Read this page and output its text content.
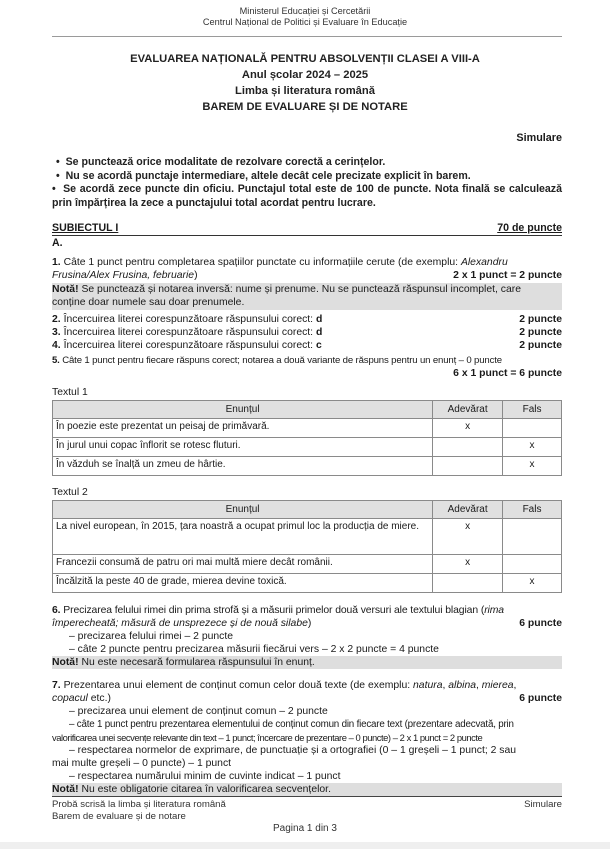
Ministerul Educației și Cercetării
Centrul Național de Politici și Evaluare în Educație
EVALUAREA NAȚIONALĂ PENTRU ABSOLVENȚII CLASEI A VIII-A
Anul școlar 2024 – 2025
Limba și literatura română
BAREM DE EVALUARE ȘI DE NOTARE
Simulare
•  Se punctează orice modalitate de rezolvare corectă a cerințelor.
•  Nu se acordă punctaje intermediare, altele decât cele precizate explicit în barem.
•  Se acordă zece puncte din oficiu. Punctajul total este de 100 de puncte. Nota finală se calculează prin împărțirea la zece a punctajului total acordat pentru lucrare.
SUBIECTUL I	70 de puncte
A.
1. Câte 1 punct pentru completarea spațiilor punctate cu informațiile cerute (de exemplu: Alexandru
Frusina/Alex Frusina, februarie)	2 x 1 punct = 2 puncte
Notă! Se punctează și notarea inversă: nume și prenume. Nu se punctează răspunsul incomplet, care
conține doar numele sau doar prenumele.
2. Încercuirea literei corespunzătoare răspunsului corect: d	2 puncte
3. Încercuirea literei corespunzătoare răspunsului corect: d	2 puncte
4. Încercuirea literei corespunzătoare răspunsului corect: c	2 puncte
5. Câte 1 punct pentru fiecare răspuns corect; notarea a două variante de răspuns pentru un enunț – 0 puncte
6 x 1 punct = 6 puncte
Textul 1
Enunțul	Adevărat	Fals
În poezie este prezentat un peisaj de primăvară.	x	
În jurul unui copac înflorit se rotesc fluturi.		x
În văzduh se înalță un zmeu de hârtie.		x
Textul 2
Enunțul	Adevărat	Fals
La nivel european, în 2015, țara noastră a ocupat primul loc la producția de miere.	x	
Francezii consumă de patru ori mai multă miere decât românii.	x	
Încălzită la peste 40 de grade, mierea devine toxică.		x
6. Precizarea felului rimei din prima strofă și a măsurii primelor două versuri ale textului blagian (rima
împerecheată; măsură de unsprezece și de nouă silabe)	6 puncte
– precizarea felului rimei – 2 puncte
– câte 2 puncte pentru precizarea măsurii fiecărui vers – 2 x 2 puncte = 4 puncte
Notă! Nu este necesară formularea răspunsului în enunț.
7. Prezentarea unui element de conținut comun celor două texte (de exemplu: natura, albina, mierea,
copacul etc.)	6 puncte
– precizarea unui element de conținut comun – 2 puncte
– câte 1 punct pentru prezentarea elementului de conținut comun din fiecare text (prezentare adecvată, prin
valorificarea unei secvențe relevante din text – 1 punct; încercare de prezentare – 0 puncte) – 2 x 1 punct = 2 puncte
– respectarea normelor de exprimare, de punctuație și a ortografiei (0 – 1 greșeli – 1 punct; 2 sau
mai multe greșeli – 0 puncte) – 1 punct
– respectarea numărului minim de cuvinte indicat – 1 punct
Notă! Nu este obligatorie citarea în valorificarea secvențelor.
Probă scrisă la limba și literatura română
Barem de evaluare și de notare
Simulare
Pagina 1 din 3
